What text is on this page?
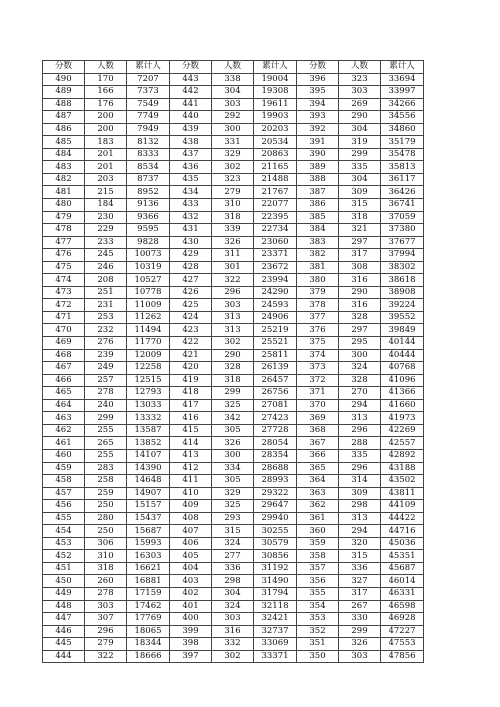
分数	人数	累计人	分数	人数	累计人	分数	人数	累计人
490	170	7207	443	338	19004	396	323	33694
489	166	7373	442	304	19308	395	303	33997
488	176	7549	441	303	19611	394	269	34266
487	200	7749	440	292	19903	393	290	34556
486	200	7949	439	300	20203	392	304	34860
485	183	8132	438	331	20534	391	319	35179
484	201	8333	437	329	20863	390	299	35478
483	201	8534	436	302	21165	389	335	35813
482	203	8737	435	323	21488	388	304	36117
481	215	8952	434	279	21767	387	309	36426
480	184	9136	433	310	22077	386	315	36741
479	230	9366	432	318	22395	385	318	37059
478	229	9595	431	339	22734	384	321	37380
477	233	9828	430	326	23060	383	297	37677
476	245	10073	429	311	23371	382	317	37994
475	246	10319	428	301	23672	381	308	38302
474	208	10527	427	322	23994	380	316	38618
473	251	10778	426	296	24290	379	290	38908
472	231	11009	425	303	24593	378	316	39224
471	253	11262	424	313	24906	377	328	39552
470	232	11494	423	313	25219	376	297	39849
469	276	11770	422	302	25521	375	295	40144
468	239	12009	421	290	25811	374	300	40444
467	249	12258	420	328	26139	373	324	40768
466	257	12515	419	318	26457	372	328	41096
465	278	12793	418	299	26756	371	270	41366
464	240	13033	417	325	27081	370	294	41660
463	299	13332	416	342	27423	369	313	41973
462	255	13587	415	305	27728	368	296	42269
461	265	13852	414	326	28054	367	288	42557
460	255	14107	413	300	28354	366	335	42892
459	283	14390	412	334	28688	365	296	43188
458	258	14648	411	305	28993	364	314	43502
457	259	14907	410	329	29322	363	309	43811
456	250	15157	409	325	29647	362	298	44109
455	280	15437	408	293	29940	361	313	44422
454	250	15687	407	315	30255	360	294	44716
453	306	15993	406	324	30579	359	320	45036
452	310	16303	405	277	30856	358	315	45351
451	318	16621	404	336	31192	357	336	45687
450	260	16881	403	298	31490	356	327	46014
449	278	17159	402	304	31794	355	317	46331
448	303	17462	401	324	32118	354	267	46598
447	307	17769	400	303	32421	353	330	46928
446	296	18065	399	316	32737	352	299	47227
445	279	18344	398	332	33069	351	326	47553
444	322	18666	397	302	33371	350	303	47856
